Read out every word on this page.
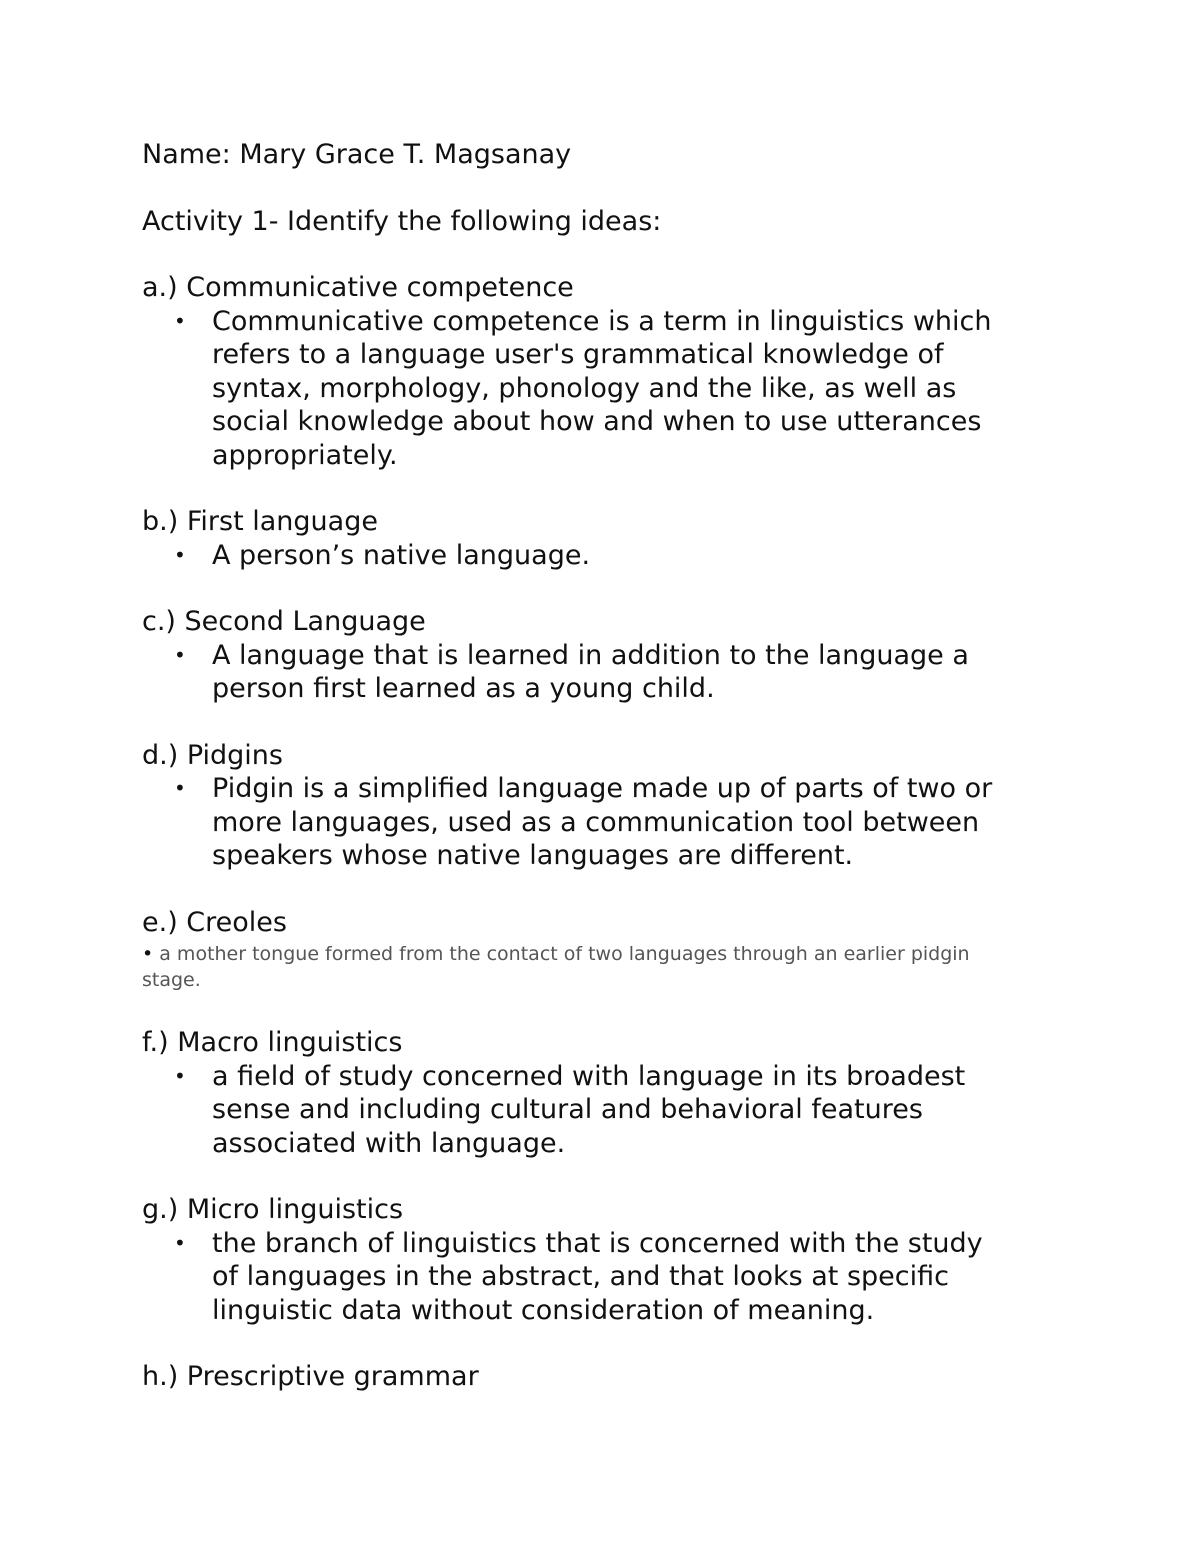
Name: Mary Grace T. Magsanay

Activity 1- Identify the following ideas:

a.) Communicative competence

• Communicative competence is a term in linguistics which
refers to a language user's grammatical knowledge of
syntax, morphology, phonology and the like, as well as
social knowledge about how and when to use utterances
appropriately.

b.) First language

• A person’s native language.

c.) Second Language

• A language that is learned in addition to the language a
person first learned as a young child.

d.) Pidgins

• Pidgin is a simplified language made up of parts of two or
more languages, used as a communication tool between
speakers whose native languages are different.

e.) Creoles

• a mother tongue formed from the contact of two languages through an earlier pidgin
stage.

f.) Macro linguistics

• a field of study concerned with language in its broadest
sense and including cultural and behavioral features
associated with language.

g.) Micro linguistics

• the branch of linguistics that is concerned with the study
of languages in the abstract, and that looks at specific
linguistic data without consideration of meaning.

h.) Prescriptive grammar
